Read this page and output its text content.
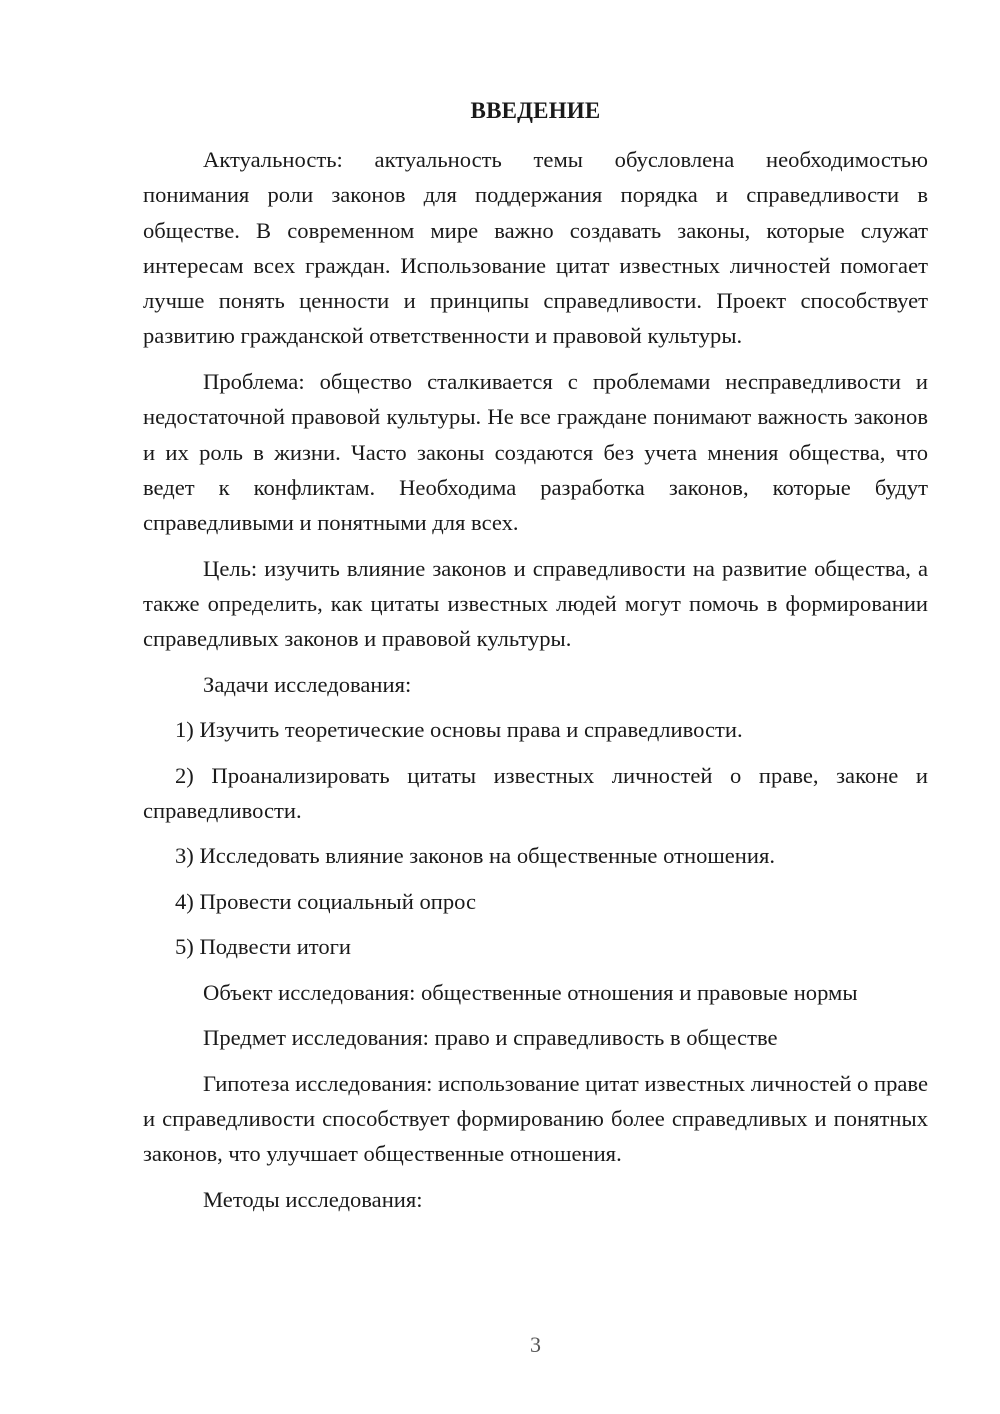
ВВЕДЕНИЕ

Актуальность: актуальность темы обусловлена необходимостью понимания роли законов для поддержания порядка и справедливости в обществе. В современном мире важно создавать законы, которые служат интересам всех граждан. Использование цитат известных личностей помогает лучше понять ценности и принципы справедливости. Проект способствует развитию гражданской ответственности и правовой культуры.

Проблема: общество сталкивается с проблемами несправедливости и недостаточной правовой культуры. Не все граждане понимают важность законов и их роль в жизни. Часто законы создаются без учета мнения общества, что ведет к конфликтам. Необходима разработка законов, которые будут справедливыми и понятными для всех.

Цель: изучить влияние законов и справедливости на развитие общества, а также определить, как цитаты известных людей могут помочь в формировании справедливых законов и правовой культуры.

Задачи исследования:

1) Изучить теоретические основы права и справедливости.

2) Проанализировать цитаты известных личностей о праве, законе и справедливости.

3) Исследовать влияние законов на общественные отношения.

4) Провести социальный опрос

5) Подвести итоги

Объект исследования: общественные отношения и правовые нормы

Предмет исследования: право и справедливость в обществе

Гипотеза исследования: использование цитат известных личностей о праве и справедливости способствует формированию более справедливых и понятных законов, что улучшает общественные отношения.

Методы исследования:

3
